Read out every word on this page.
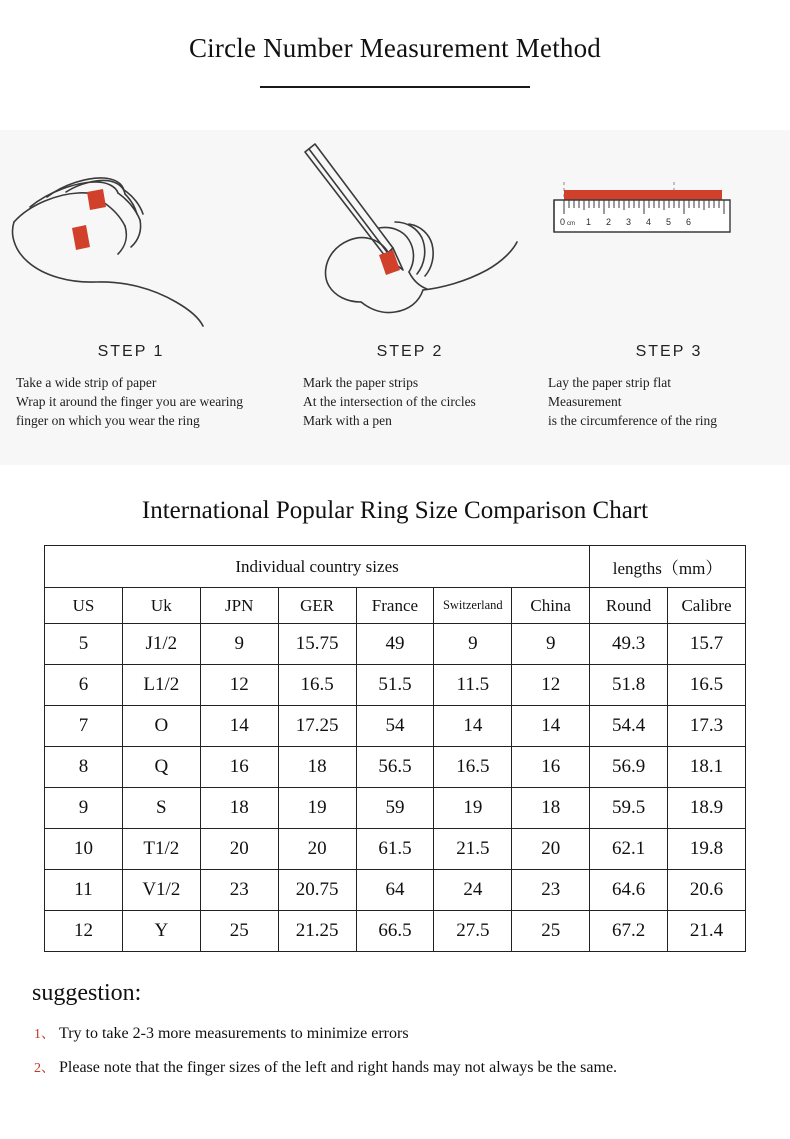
Circle Number Measurement Method
STEP 1
Take a wide strip of paper
Wrap it around the finger you are wearing
finger on which you wear the ring
STEP 2
Mark the paper strips
At the intersection of the circles
Mark with a pen
0 cm 1 2 3 4 5 6
STEP 3
Lay the paper strip flat
Measurement
is the circumference of the ring
International Popular Ring Size Comparison Chart
Individual country sizes							lengths（mm）	
US	Uk	JPN	GER	France	Switzerland	China	Round	Calibre
5	J1/2	9	15.75	49	9	9	49.3	15.7
6	L1/2	12	16.5	51.5	11.5	12	51.8	16.5
7	O	14	17.25	54	14	14	54.4	17.3
8	Q	16	18	56.5	16.5	16	56.9	18.1
9	S	18	19	59	19	18	59.5	18.9
10	T1/2	20	20	61.5	21.5	20	62.1	19.8
11	V1/2	23	20.75	64	24	23	64.6	20.6
12	Y	25	21.25	66.5	27.5	25	67.2	21.4
suggestion:
1、 Try to take 2-3 more measurements to minimize errors
2、 Please note that the finger sizes of the left and right hands may not always be the same.
